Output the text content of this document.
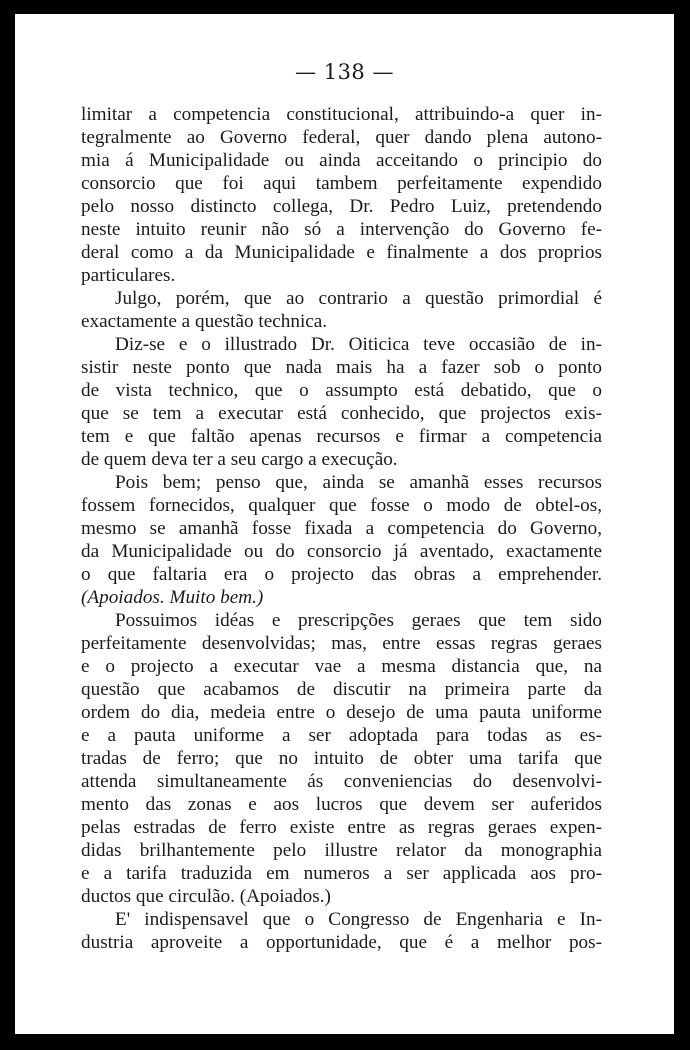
— 138 —
limitar a competencia constitucional, attribuindo-a quer in-
tegralmente ao Governo federal, quer dando plena autono-
mia á Municipalidade ou ainda acceitando o principio do
consorcio que foi aqui tambem perfeitamente expendido
pelo nosso distincto collega, Dr. Pedro Luiz, pretendendo
neste intuito reunir não só a intervenção do Governo fe-
deral como a da Municipalidade e finalmente a dos proprios
particulares.
Julgo, porém, que ao contrario a questão primordial é
exactamente a questão technica.
Diz-se e o illustrado Dr. Oiticica teve occasião de in-
sistir neste ponto que nada mais ha a fazer sob o ponto
de vista technico, que o assumpto está debatido, que o
que se tem a executar está conhecido, que projectos exis-
tem e que faltão apenas recursos e firmar a competencia
de quem deva ter a seu cargo a execução.
Pois bem; penso que, ainda se amanhã esses recursos
fossem fornecidos, qualquer que fosse o modo de obtel-os,
mesmo se amanhã fosse fixada a competencia do Governo,
da Municipalidade ou do consorcio já aventado, exactamente
o que faltaria era o projecto das obras a emprehender.
(Apoiados. Muito bem.)
Possuimos idéas e prescripções geraes que tem sido
perfeitamente desenvolvidas; mas, entre essas regras geraes
e o projecto a executar vae a mesma distancia que, na
questão que acabamos de discutir na primeira parte da
ordem do dia, medeia entre o desejo de uma pauta uniforme
e a pauta uniforme a ser adoptada para todas as es-
tradas de ferro; que no intuito de obter uma tarifa que
attenda simultaneamente ás conveniencias do desenvolvi-
mento das zonas e aos lucros que devem ser auferidos
pelas estradas de ferro existe entre as regras geraes expen-
didas brilhantemente pelo illustre relator da monographia
e a tarifa traduzida em numeros a ser applicada aos pro-
ductos que circulão. (Apoiados.)
E' indispensavel que o Congresso de Engenharia e In-
dustria aproveite a opportunidade, que é a melhor pos-
